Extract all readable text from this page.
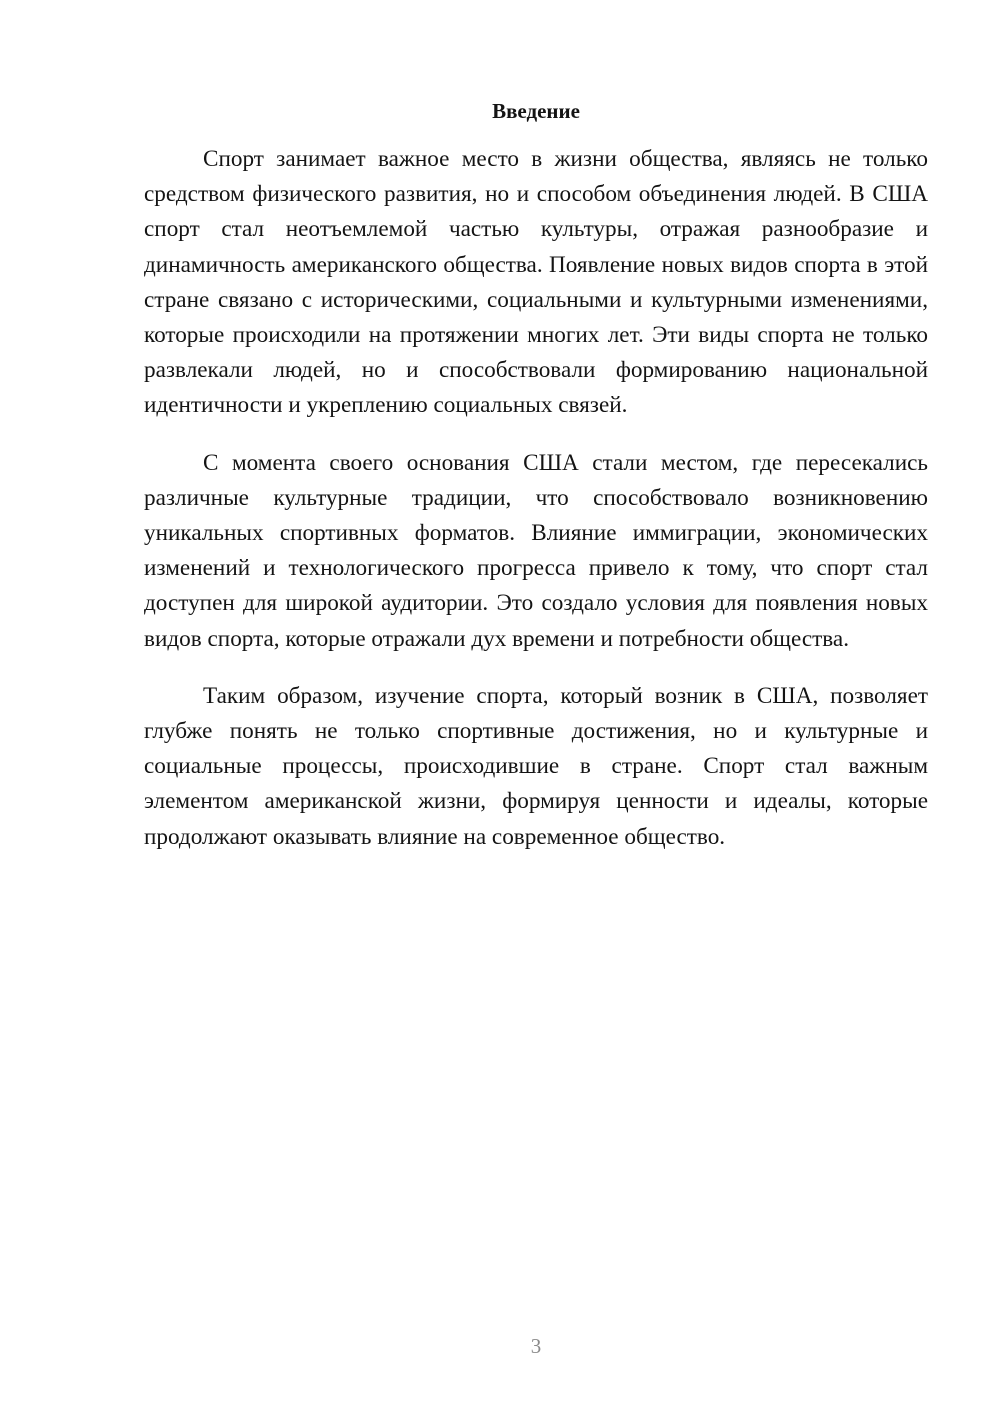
Введение

Спорт занимает важное место в жизни общества, являясь не только средством физического развития, но и способом объединения людей. В США спорт стал неотъемлемой частью культуры, отражая разнообразие и динамичность американского общества. Появление новых видов спорта в этой стране связано с историческими, социальными и культурными изменениями, которые происходили на протяжении многих лет. Эти виды спорта не только развлекали людей, но и способствовали формированию национальной идентичности и укреплению социальных связей.

С момента своего основания США стали местом, где пересекались различные культурные традиции, что способствовало возникновению уникальных спортивных форматов. Влияние иммиграции, экономических изменений и технологического прогресса привело к тому, что спорт стал доступен для широкой аудитории. Это создало условия для появления новых видов спорта, которые отражали дух времени и потребности общества.

Таким образом, изучение спорта, который возник в США, позволяет глубже понять не только спортивные достижения, но и культурные и социальные процессы, происходившие в стране. Спорт стал важным элементом американской жизни, формируя ценности и идеалы, которые продолжают оказывать влияние на современное общество.

3
